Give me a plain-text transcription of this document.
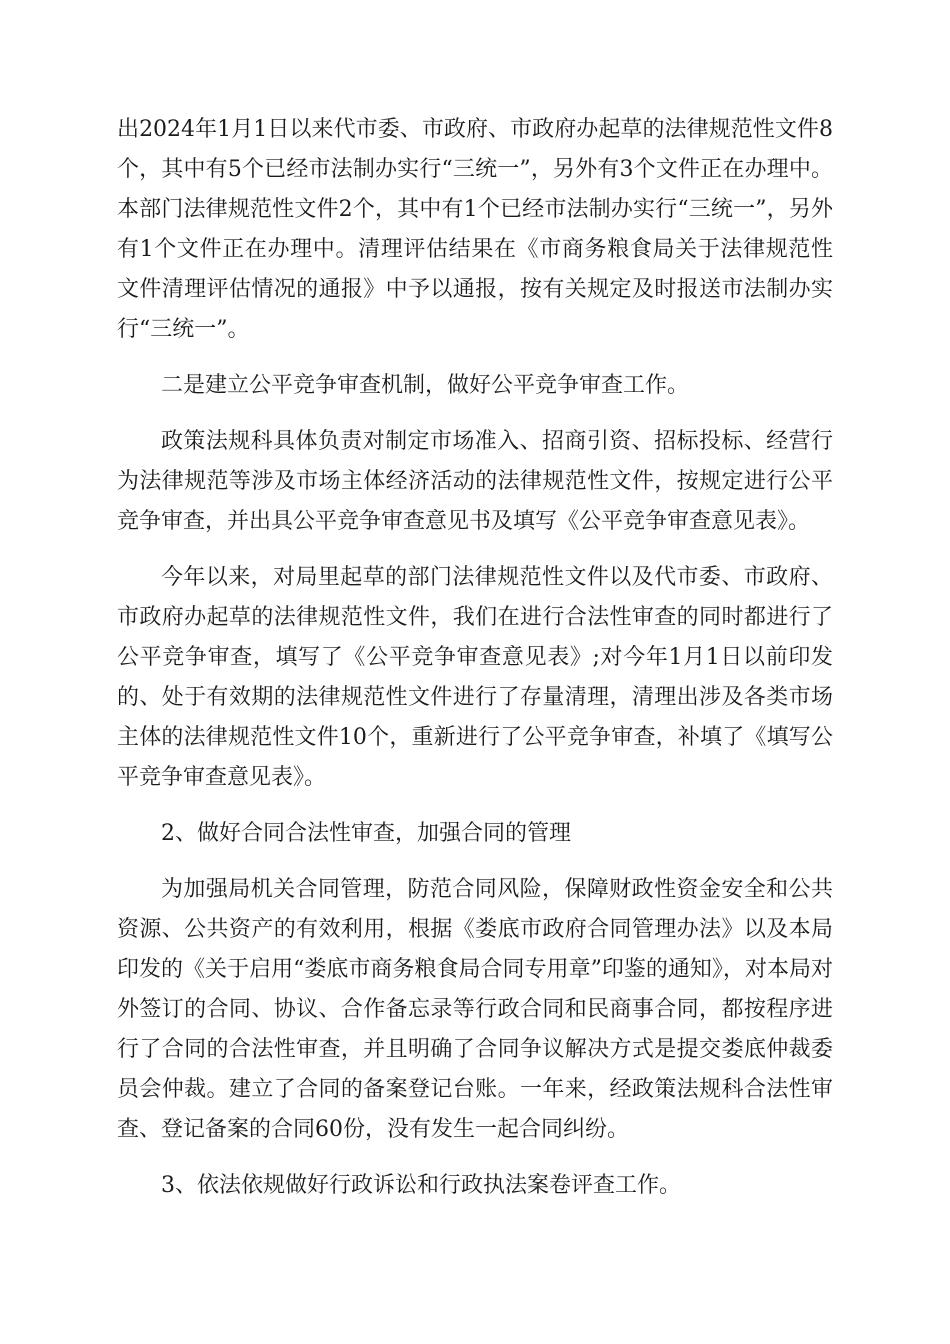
出2024年1月1日以来代市委、市政府、市政府办起草的法律规范性文件8个，其中有5个已经市法制办实行“三统一”，另外有3个文件正在办理中。本部门法律规范性文件2个，其中有1个已经市法制办实行“三统一”，另外有1个文件正在办理中。清理评估结果在《市商务粮食局关于法律规范性文件清理评估情况的通报》中予以通报，按有关规定及时报送市法制办实行“三统一”。

二是建立公平竞争审查机制，做好公平竞争审查工作。

政策法规科具体负责对制定市场准入、招商引资、招标投标、经营行为法律规范等涉及市场主体经济活动的法律规范性文件，按规定进行公平竞争审查，并出具公平竞争审查意见书及填写《公平竞争审查意见表》。

今年以来，对局里起草的部门法律规范性文件以及代市委、市政府、市政府办起草的法律规范性文件，我们在进行合法性审查的同时都进行了公平竞争审查，填写了《公平竞争审查意见表》;对今年1月1日以前印发的、处于有效期的法律规范性文件进行了存量清理，清理出涉及各类市场主体的法律规范性文件10个，重新进行了公平竞争审查，补填了《填写公平竞争审查意见表》。

2、做好合同合法性审查，加强合同的管理

为加强局机关合同管理，防范合同风险，保障财政性资金安全和公共资源、公共资产的有效利用，根据《娄底市政府合同管理办法》以及本局印发的《关于启用“娄底市商务粮食局合同专用章”印鉴的通知》，对本局对外签订的合同、协议、合作备忘录等行政合同和民商事合同，都按程序进行了合同的合法性审查，并且明确了合同争议解决方式是提交娄底仲裁委员会仲裁。建立了合同的备案登记台账。一年来，经政策法规科合法性审查、登记备案的合同60份，没有发生一起合同纠纷。

3、依法依规做好行政诉讼和行政执法案卷评查工作。
